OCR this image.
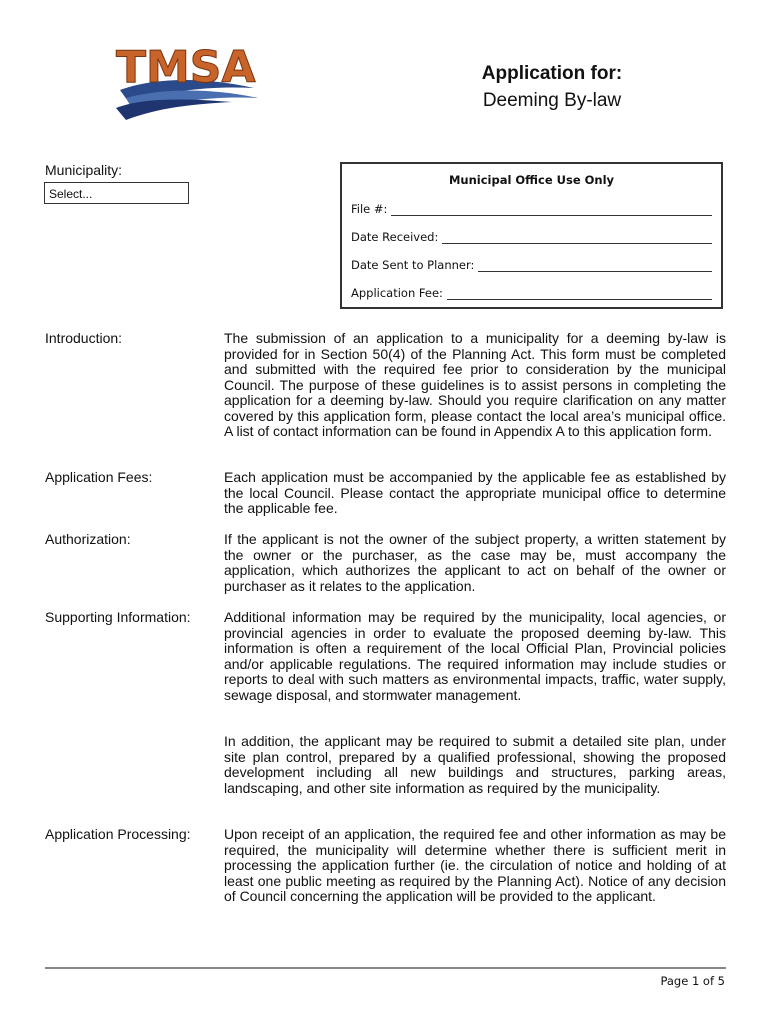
TMSA	Application for:
Deeming By-law
Municipality:
Select...
Municipal Office Use Only
File #:
Date Received:
Date Sent to Planner:
Application Fee:
Introduction:	The submission of an application to a municipality for a deeming by-law is provided for in Section 50(4) of the Planning Act. This form must be completed and submitted with the required fee prior to consideration by the municipal Council. The purpose of these guidelines is to assist persons in completing the application for a deeming by-law. Should you require clarification on any matter covered by this application form, please contact the local area’s municipal office. A list of contact information can be found in Appendix A to this application form.
Application Fees:	Each application must be accompanied by the applicable fee as established by the local Council. Please contact the appropriate municipal office to determine the applicable fee.
Authorization:	If the applicant is not the owner of the subject property, a written statement by the owner or the purchaser, as the case may be, must accompany the application, which authorizes the applicant to act on behalf of the owner or purchaser as it relates to the application.
Supporting Information: Additional information may be required by the municipality, local agencies, or provincial agencies in order to evaluate the proposed deeming by-law. This information is often a requirement of the local Official Plan, Provincial policies and/or applicable regulations. The required information may include studies or reports to deal with such matters as environmental impacts, traffic, water supply, sewage disposal, and stormwater management.
In addition, the applicant may be required to submit a detailed site plan, under site plan control, prepared by a qualified professional, showing the proposed development including all new buildings and structures, parking areas, landscaping, and other site information as required by the municipality.
Application Processing: Upon receipt of an application, the required fee and other information as may be required, the municipality will determine whether there is sufficient merit in processing the application further (ie. the circulation of notice and holding of at least one public meeting as required by the Planning Act). Notice of any decision of Council concerning the application will be provided to the applicant.
Page 1 of 5
